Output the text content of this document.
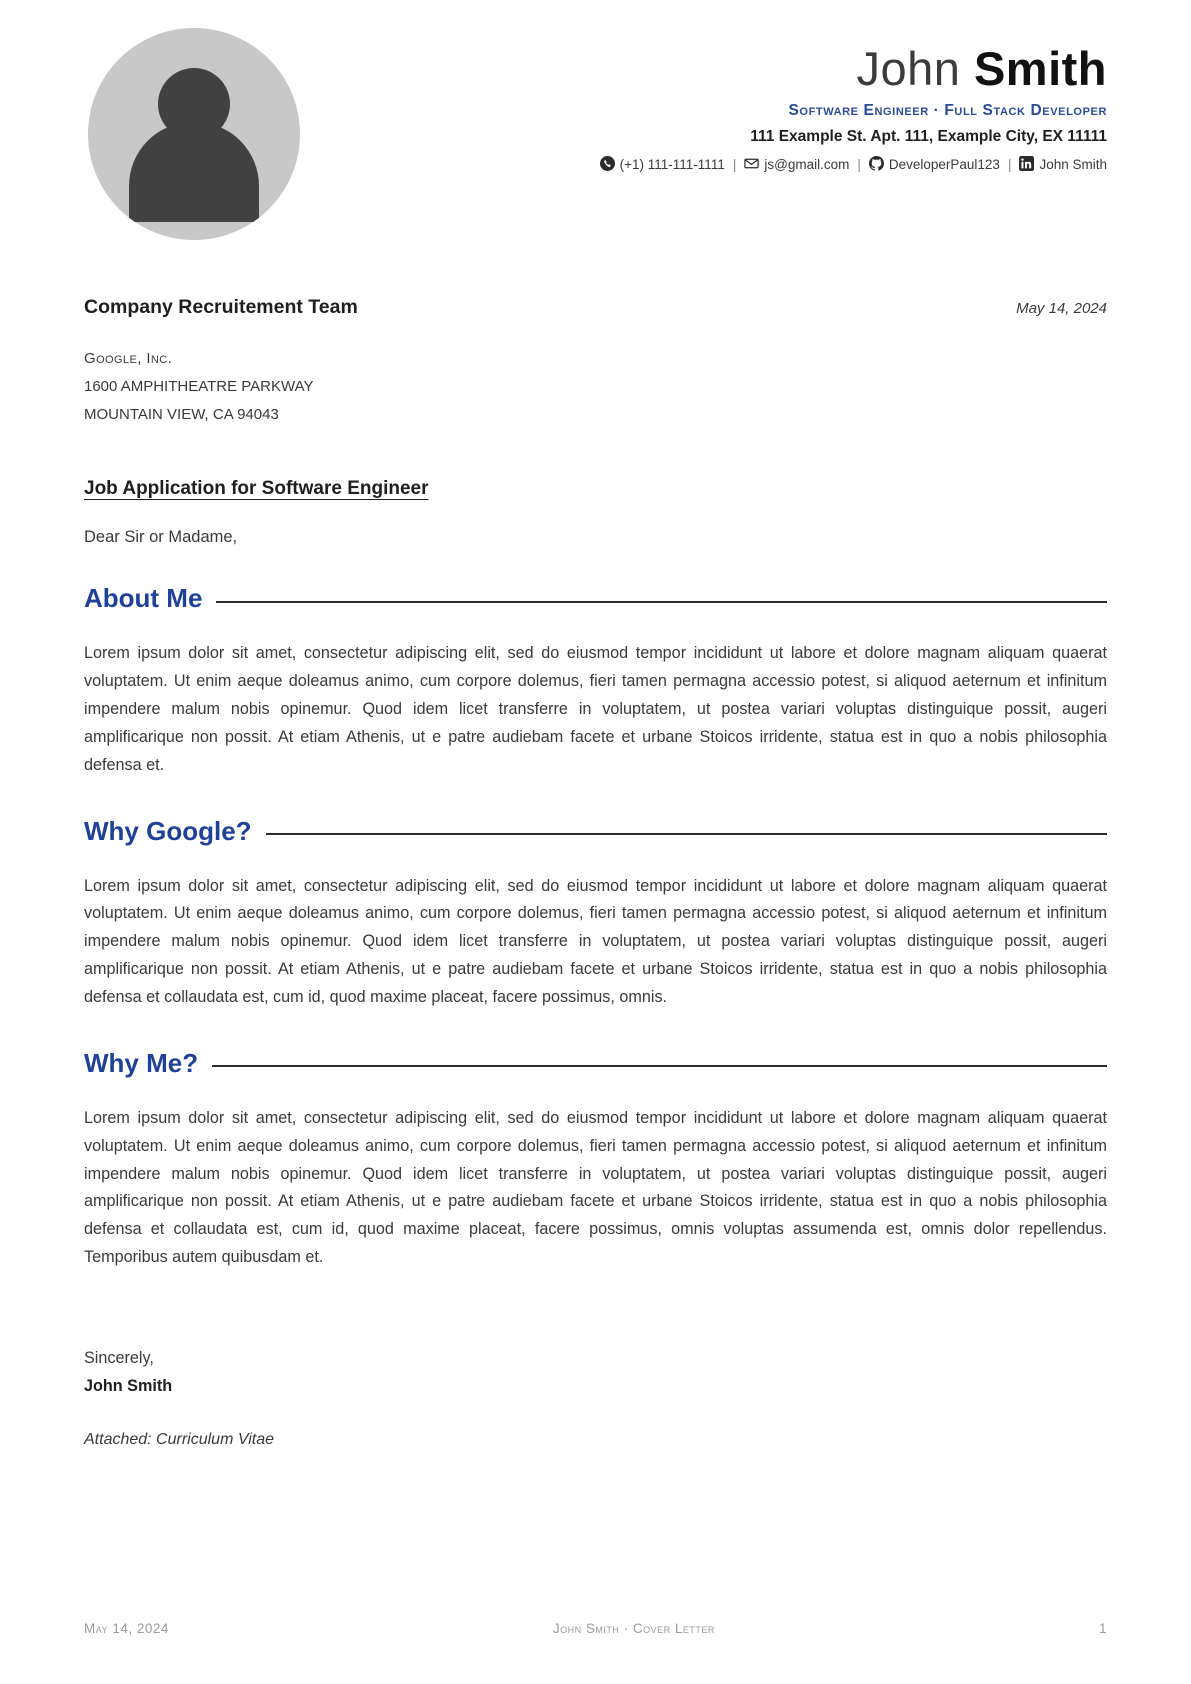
John Smith
Software Engineer · Full Stack Developer
111 Example St. Apt. 111, Example City, EX 11111
(+1) 111-111-1111 | js@gmail.com | DeveloperPaul123 | John Smith
Company Recruitement Team	May 14, 2024
Google, Inc.
1600 AMPHITHEATRE PARKWAY
MOUNTAIN VIEW, CA 94043
Job Application for Software Engineer
Dear Sir or Madame,
About Me
Lorem ipsum dolor sit amet, consectetur adipiscing elit, sed do eiusmod tempor incididunt ut labore et dolore magnam aliquam quaerat voluptatem. Ut enim aeque doleamus animo, cum corpore dolemus, fieri tamen permagna accessio potest, si aliquod aeternum et infinitum impendere malum nobis opinemur. Quod idem licet transferre in voluptatem, ut postea variari voluptas distinguique possit, augeri amplificarique non possit. At etiam Athenis, ut e patre audiebam facete et urbane Stoicos irridente, statua est in quo a nobis philosophia defensa et.
Why Google?
Lorem ipsum dolor sit amet, consectetur adipiscing elit, sed do eiusmod tempor incididunt ut labore et dolore magnam aliquam quaerat voluptatem. Ut enim aeque doleamus animo, cum corpore dolemus, fieri tamen permagna accessio potest, si aliquod aeternum et infinitum impendere malum nobis opinemur. Quod idem licet transferre in voluptatem, ut postea variari voluptas distinguique possit, augeri amplificarique non possit. At etiam Athenis, ut e patre audiebam facete et urbane Stoicos irridente, statua est in quo a nobis philosophia defensa et collaudata est, cum id, quod maxime placeat, facere possimus, omnis.
Why Me?
Lorem ipsum dolor sit amet, consectetur adipiscing elit, sed do eiusmod tempor incididunt ut labore et dolore magnam aliquam quaerat voluptatem. Ut enim aeque doleamus animo, cum corpore dolemus, fieri tamen permagna accessio potest, si aliquod aeternum et infinitum impendere malum nobis opinemur. Quod idem licet transferre in voluptatem, ut postea variari voluptas distinguique possit, augeri amplificarique non possit. At etiam Athenis, ut e patre audiebam facete et urbane Stoicos irridente, statua est in quo a nobis philosophia defensa et collaudata est, cum id, quod maxime placeat, facere possimus, omnis voluptas assumenda est, omnis dolor repellendus. Temporibus autem quibusdam et.
Sincerely,
John Smith
Attached: Curriculum Vitae
May 14, 2024	John Smith · Cover Letter	1
